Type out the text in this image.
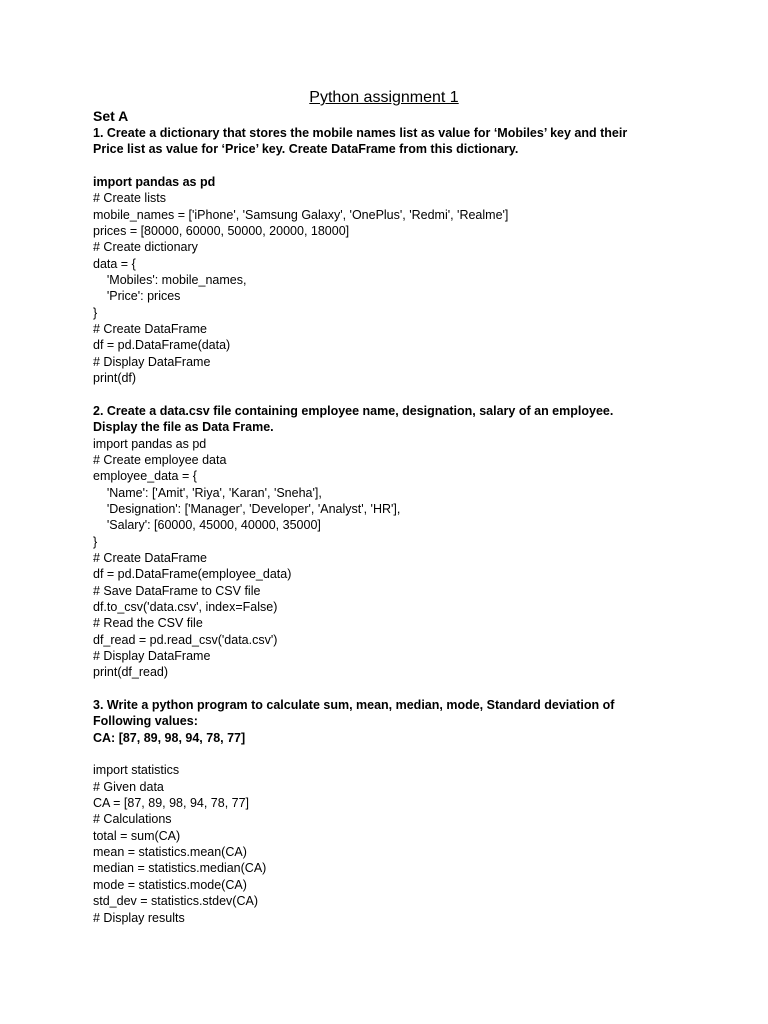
Python assignment 1
Set A
1. Create a dictionary that stores the mobile names list as value for ‘Mobiles’ key and their
Price list as value for ‘Price’ key. Create DataFrame from this dictionary.
import pandas as pd
# Create lists
mobile_names = ['iPhone', 'Samsung Galaxy', 'OnePlus', 'Redmi', 'Realme']
prices = [80000, 60000, 50000, 20000, 18000]
# Create dictionary
data = {
'Mobiles': mobile_names,
'Price': prices
}
# Create DataFrame
df = pd.DataFrame(data)
# Display DataFrame
print(df)
2. Create a data.csv file containing employee name, designation, salary of an employee.
Display the file as Data Frame.
import pandas as pd
# Create employee data
employee_data = {
'Name': ['Amit', 'Riya', 'Karan', 'Sneha'],
'Designation': ['Manager', 'Developer', 'Analyst', 'HR'],
'Salary': [60000, 45000, 40000, 35000]
}
# Create DataFrame
df = pd.DataFrame(employee_data)
# Save DataFrame to CSV file
df.to_csv('data.csv', index=False)
# Read the CSV file
df_read = pd.read_csv('data.csv')
# Display DataFrame
print(df_read)
3. Write a python program to calculate sum, mean, median, mode, Standard deviation of
Following values:
CA: [87, 89, 98, 94, 78, 77]
import statistics
# Given data
CA = [87, 89, 98, 94, 78, 77]
# Calculations
total = sum(CA)
mean = statistics.mean(CA)
median = statistics.median(CA)
mode = statistics.mode(CA)
std_dev = statistics.stdev(CA)
# Display results
